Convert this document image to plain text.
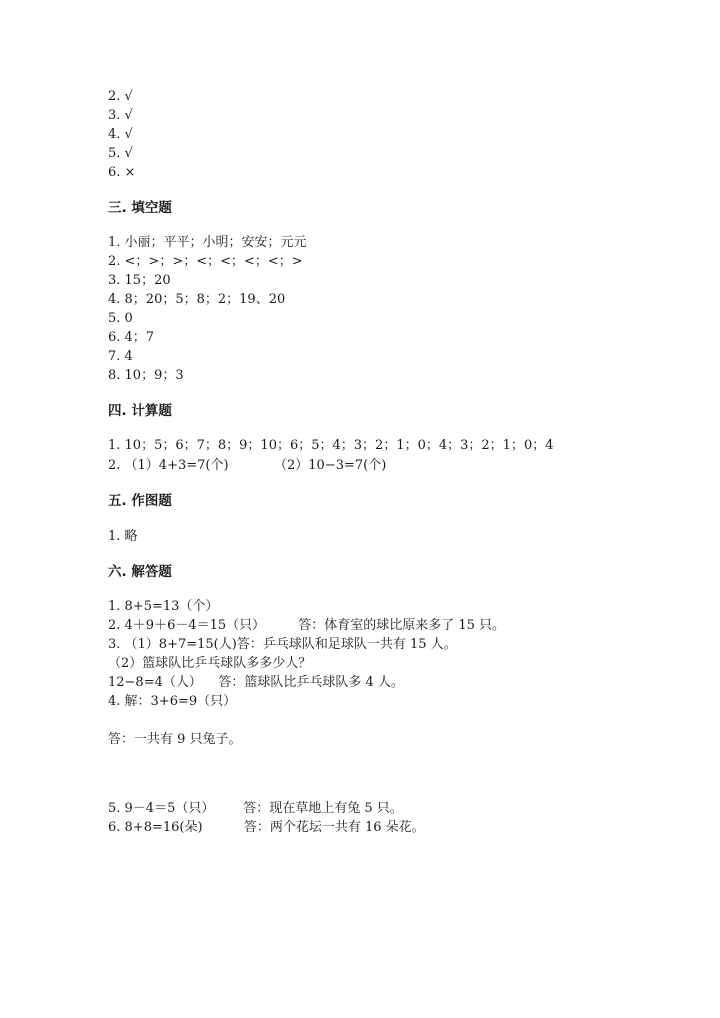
2. √
3. √
4. √
5. √
6. ×
三. 填空题
1. 小丽；平平；小明；安安；元元
2. <；>；>；<；<；<；<；>
3. 15；20
4. 8；20；5；8；2；19、20
5. 0
6. 4；7
7. 4
8. 10；9；3
四. 计算题
1. 10；5；6；7；8；9；10；6；5；4；3；2；1；0；4；3；2；1；0；4
2. （1）4+3=7(个)           （2）10−3=7(个)
五. 作图题
1. 略
六. 解答题
1. 8+5=13（个）
2. 4＋9＋6－4＝15（只）        答：体育室的球比原来多了 15 只。
3. （1）8+7=15(人)答：乒乓球队和足球队一共有 15 人。
（2）篮球队比乒乓球队多多少人？
12−8=4（人）    答：篮球队比乒乓球队多 4 人。
4. 解：3+6=9（只）
答：一共有 9 只兔子。
5. 9－4＝5（只）       答：现在草地上有兔 5 只。
6. 8+8=16(朵)          答：两个花坛一共有 16 朵花。
